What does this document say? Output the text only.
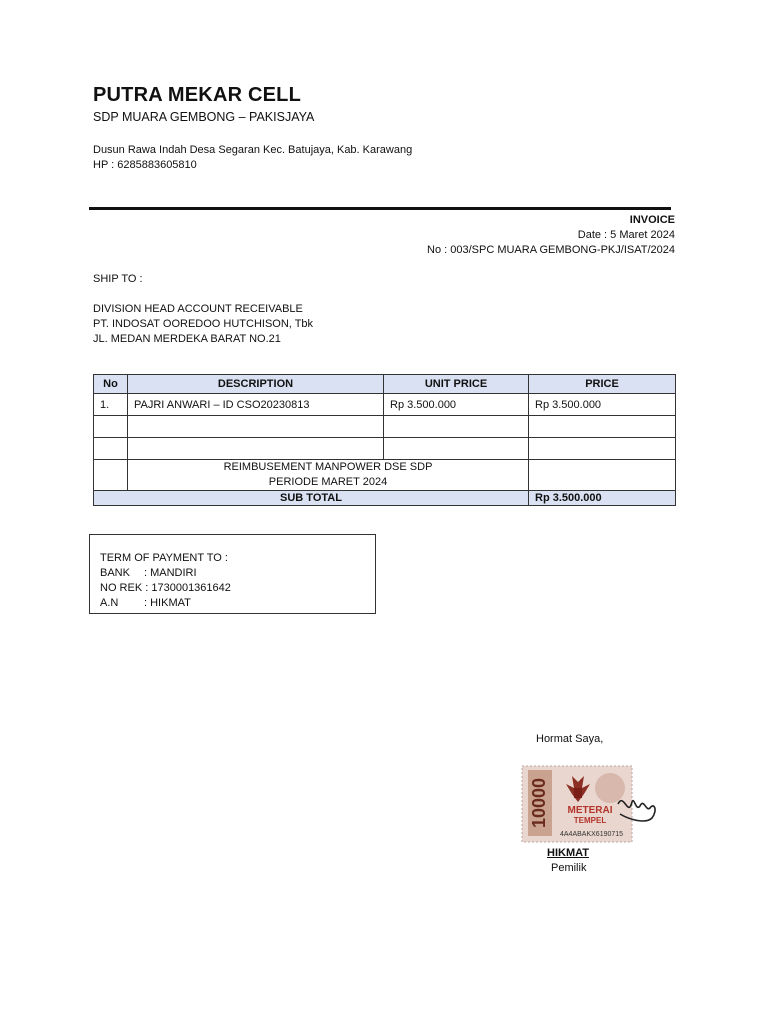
PUTRA MEKAR CELL
SDP MUARA GEMBONG – PAKISJAYA
Dusun Rawa Indah Desa Segaran Kec. Batujaya, Kab. Karawang
HP : 6285883605810
INVOICE
Date : 5 Maret 2024
No : 003/SPC MUARA GEMBONG-PKJ/ISAT/2024
SHIP TO :
DIVISION HEAD ACCOUNT RECEIVABLE
PT. INDOSAT OOREDOO HUTCHISON, Tbk
JL. MEDAN MERDEKA BARAT NO.21
No	DESCRIPTION	UNIT PRICE	PRICE
1.	PAJRI ANWARI – ID CSO20230813	Rp 3.500.000	Rp 3.500.000

	REIMBUSEMENT MANPOWER DSE SDP
PERIODE MARET 2024		

SUB TOTAL			Rp 3.500.000
TERM OF PAYMENT TO :
BANK : MANDIRI
NO REK : 1730001361642
A.N : HIKMAT
Hormat Saya,
10000 METERAI
TEMPEL
4A4ABAKX6190715
HIKMAT
Pemilik
